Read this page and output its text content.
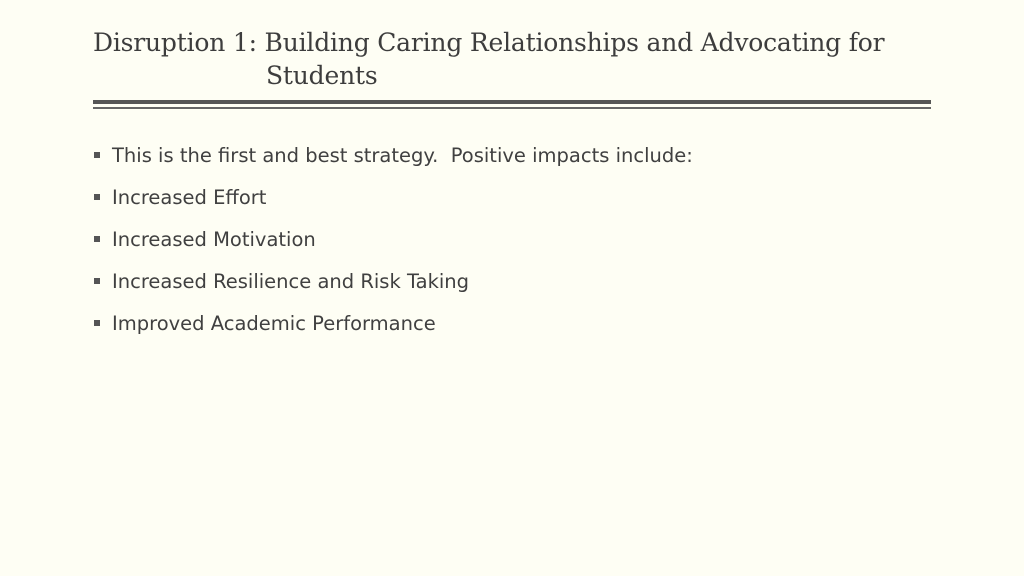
Disruption 1: Building Caring Relationships and Advocating for
Students
This is the first and best strategy.  Positive impacts include:
Increased Effort
Increased Motivation
Increased Resilience and Risk Taking
Improved Academic Performance
